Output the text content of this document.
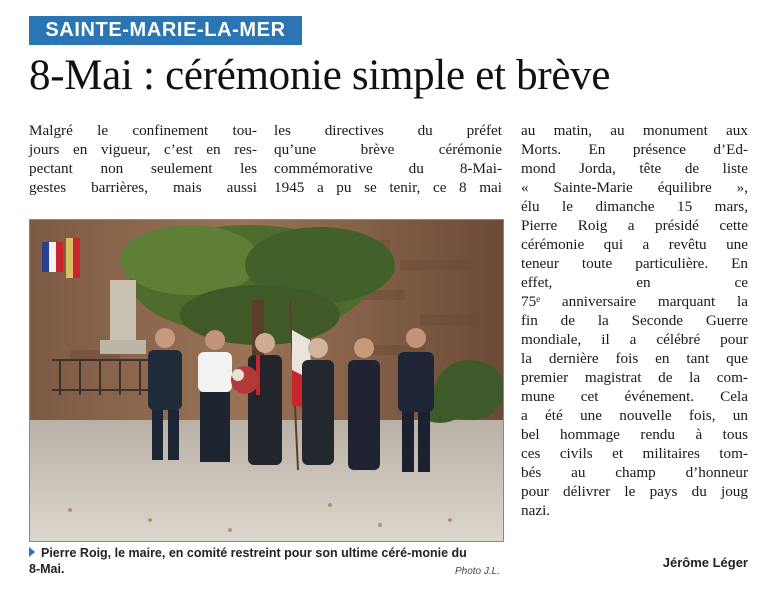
SAINTE-MARIE-LA-MER
8-Mai : cérémonie simple et brève
Malgré le confinement tou-
jours en vigueur, c’est en res-
pectant non seulement les
gestes barrières, mais aussi
les directives du préfet
qu’une brève cérémonie
commémorative du 8-Mai-
1945 a pu se tenir, ce 8 mai
au matin, au monument aux
Morts. En présence d’Ed-
mond Jorda, tête de liste
« Sainte-Marie équilibre »,
élu le dimanche 15 mars,
Pierre Roig a présidé cette
cérémonie qui a revêtu une
teneur toute particulière. En
effet, en ce
75ᵉ anniversaire marquant la
fin de la Seconde Guerre
mondiale, il a célébré pour
la dernière fois en tant que
premier magistrat de la com-
mune cet événement. Cela
a été une nouvelle fois, un
bel hommage rendu à tous
ces civils et militaires tom-
bés au champ d’honneur
pour délivrer le pays du joug
nazi.
Pierre Roig, le maire, en comité restreint pour son ultime céré-monie du 8-Mai.	Photo J.L.
Jérôme Léger
